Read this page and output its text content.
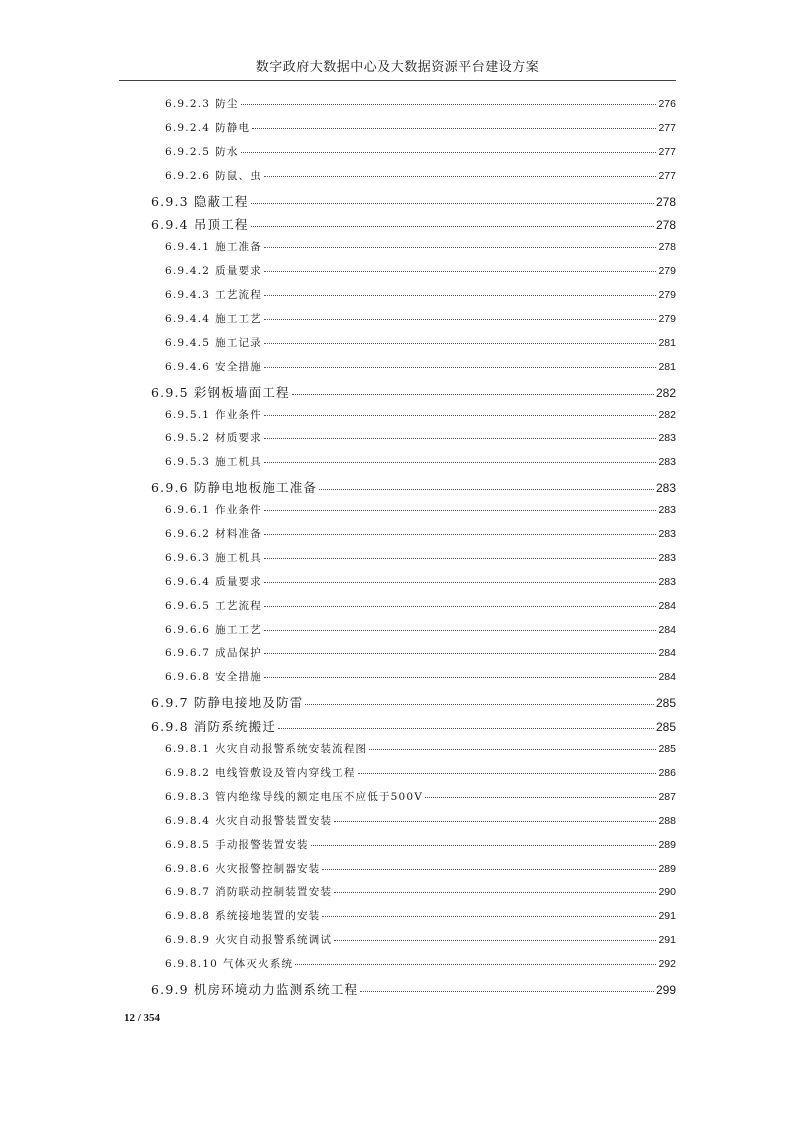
数字政府大数据中心及大数据资源平台建设方案
6.9.2.3 防尘	276
6.9.2.4 防静电	277
6.9.2.5 防水	277
6.9.2.6 防鼠、虫	277
6.9.3 隐蔽工程	278
6.9.4 吊顶工程	278
6.9.4.1 施工准备	278
6.9.4.2 质量要求	279
6.9.4.3 工艺流程	279
6.9.4.4 施工工艺	279
6.9.4.5 施工记录	281
6.9.4.6 安全措施	281
6.9.5 彩钢板墙面工程	282
6.9.5.1 作业条件	282
6.9.5.2 材质要求	283
6.9.5.3 施工机具	283
6.9.6 防静电地板施工准备	283
6.9.6.1 作业条件	283
6.9.6.2 材料准备	283
6.9.6.3 施工机具	283
6.9.6.4 质量要求	283
6.9.6.5 工艺流程	284
6.9.6.6 施工工艺	284
6.9.6.7 成品保护	284
6.9.6.8 安全措施	284
6.9.7 防静电接地及防雷	285
6.9.8 消防系统搬迁	285
6.9.8.1 火灾自动报警系统安装流程图	285
6.9.8.2 电线管敷设及管内穿线工程	286
6.9.8.3 管内绝缘导线的额定电压不应低于500V	287
6.9.8.4 火灾自动报警装置安装	288
6.9.8.5 手动报警装置安装	289
6.9.8.6 火灾报警控制器安装	289
6.9.8.7 消防联动控制装置安装	290
6.9.8.8 系统接地装置的安装	291
6.9.8.9 火灾自动报警系统调试	291
6.9.8.10 气体灭火系统	292
6.9.9 机房环境动力监测系统工程	299
12 / 354
